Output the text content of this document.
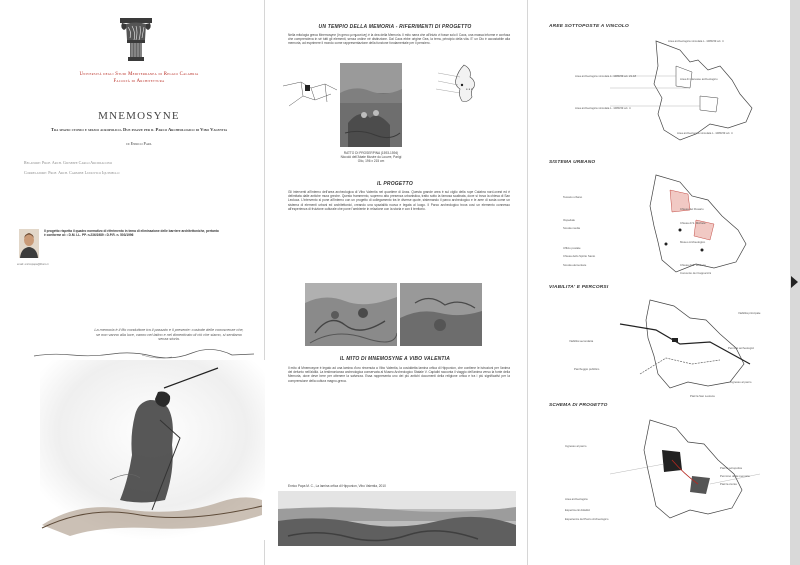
Università degli Studi Mediterranea di Reggio Calabria
Facoltà di Architettura
MNEMOSYNE
Tra spazio ctonio e spazio acropolico. Due piazze per il Parco Archeologico di Vibo Valentia
di Enrico Papa
Relatore: Prof. Arch. Giuseppe Carlo Arcidiacono
Correlatore: Prof. Arch. Carmine Ludovico Iquiniello
Il progetto rispetta il quadro normativo di riferimento in tema di eliminazione delle barriere architettoniche, pertanto è conforme al: • D.M. LL. PP. n.236/1989 • D.P.R. n. 503/1996
email: enricopapa@libero.it
La memoria è il filo conduttore tra il passato e il presente: custode delle conoscenze che, se non vanno alla luce, vanno nel latino e nel dimenticato di ciò che siamo, si sentiamo senza storia.
UN TEMPIO DELLA MEMORIA - RIFERIMENTI DI PROGETTO
Nella mitologia greca Mnemosyne (in greco μνημοσύνη) è la dea della Memoria. Il mito narra che all'inizio vi fosse solo il Caos, una massa informe e confusa che comprendeva in sé tutti gli elementi, senza ordine né distinzione. Dal Caos ebbe origine Gea, la terra, principio della vita. E' un Dio è accostabile alla memoria, ad esprimere il mondo come rappresentazione della funzione fondamentale per il pensiero.
RATTO DI PROSERPINA (1593-1594) Niccolò dell'Abate Musée du Louvre, Parigi Olio, 196 x 215 cm
● ● ●
IL PROGETTO
Gli interventi all'interno dell'area archeologica di Vibo Valentia nel quartiere di Anas. Questa grande area è sul ciglio della rupe Calabra nord-ovest ed è delimitata dalle antiche mura greche. Questo frammento, supremo atto presenza urbanistica, tratto sotto la famosa scalinata, dove si trova la chiesa di San Leoluca. L'intervento si pone all'interno con un progetto di collegamento tra le diverse quote, sistemando il parco archeologico e le aree di sosta come un sistema di elementi urbani ed architettonici, creando una spazialità nuova e legata al luogo. Il Parco archeologico trova così un elemento connesso all'esperienza di fruizione culturale che pone l'ambiente in relazione con la storia e con il territorio.
IL MITO DI MNEMOSYNE A VIBO VALENTIA
Il mito di Mnemosyne è legato ad una lamina d'oro rinvenuta a Vibo Valentia, la cosiddetta lamina orfica di Hipponion, che contiene le istruzioni per l'anima del defunto nell'aldilà. La testimonianza archeologica conservata al Museo Archeologico Statale V. Capialbi racconta il viaggio dell'anima verso la fonte della Memoria, dove deve bere per ottenere la salvezza. Essa rappresenta uno dei più antichi documenti della religione orfica e tra i più significativi per la comprensione della cultura magno-greca.
Enrico Papa M. C., La lamina orfica di Hipponion, Vibo Valentia, 2010
AREE SOTTOPOSTE A VINCOLO
Area archeologica vincolata L. 1089/39 art. 4
Area archeologica vincolata L. 1089/39 art. 21-18
Area di interesse archeologico
Area archeologica vincolata L. 1089/39 art. 4
Area archeologica vincolata L. 1089/39 art. 4
SISTEMA URBANO
Tessuto urbano
Ospedale
Scuola media
Ufficio postale
Chiesa dello Spirito Santo
Scuola elementare
Chiesa del Rosario
Chiesa di S. Michele
Museo Archeologico
Chiesa di S. Leoluca
Convento dei Cappuccini
VIABILITA' E PERCORSI
Viabilità principale
Viabilità secondaria
Percorsi archeologici
Parcheggio pubblico
Ingresso al parco
Piazza San Leoluca
SCHEMA DI PROGETTO
Ingresso al parco
Piazza acropolica
Percorso della memoria
Piazza ctonia
Area archeologica
Esperimenti didattici
Esperienza del Parco Archeologico
